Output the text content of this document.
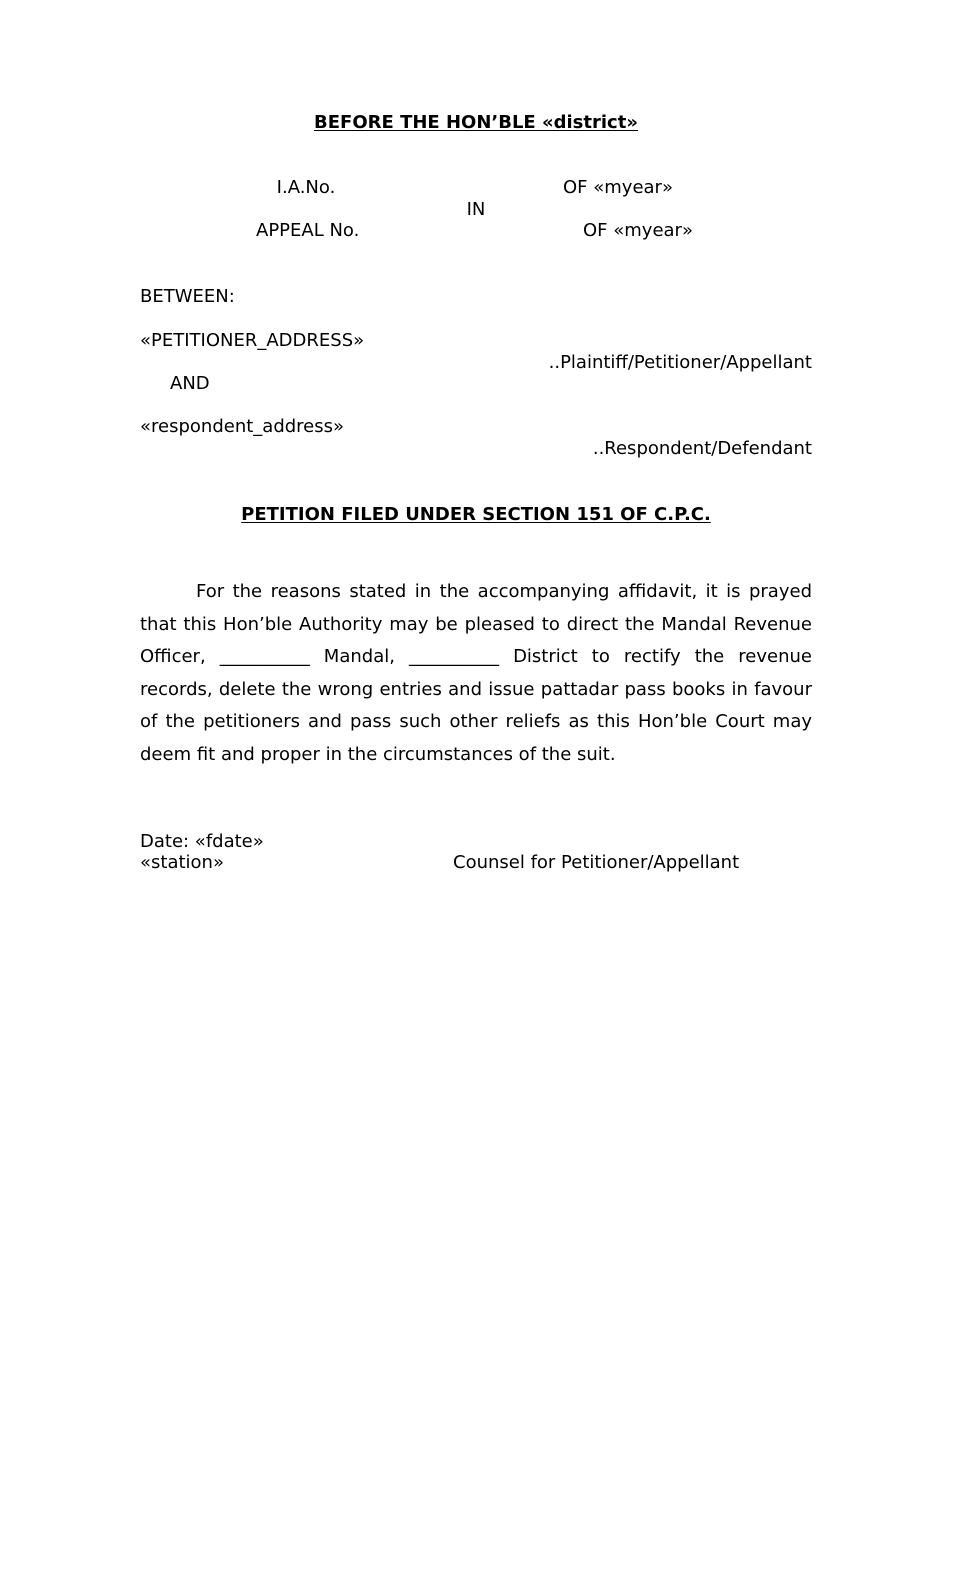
BEFORE THE HON’BLE «district»
I.A.No.	OF «myear»
IN
APPEAL No.	OF «myear»
BETWEEN:
«PETITIONER_ADDRESS»
..Plaintiff/Petitioner/Appellant
AND
«respondent_address»
..Respondent/Defendant
PETITION FILED UNDER SECTION 151 OF C.P.C.

For the reasons stated in the accompanying affidavit, it is prayed that this Hon’ble Authority may be pleased to direct the Mandal Revenue Officer, __________ Mandal, __________ District to rectify the revenue records, delete the wrong entries and issue pattadar pass books in favour of the petitioners and pass such other reliefs as this Hon’ble Court may deem fit and proper in the circumstances of the suit.

Date: «fdate»
«station»	Counsel for Petitioner/Appellant
